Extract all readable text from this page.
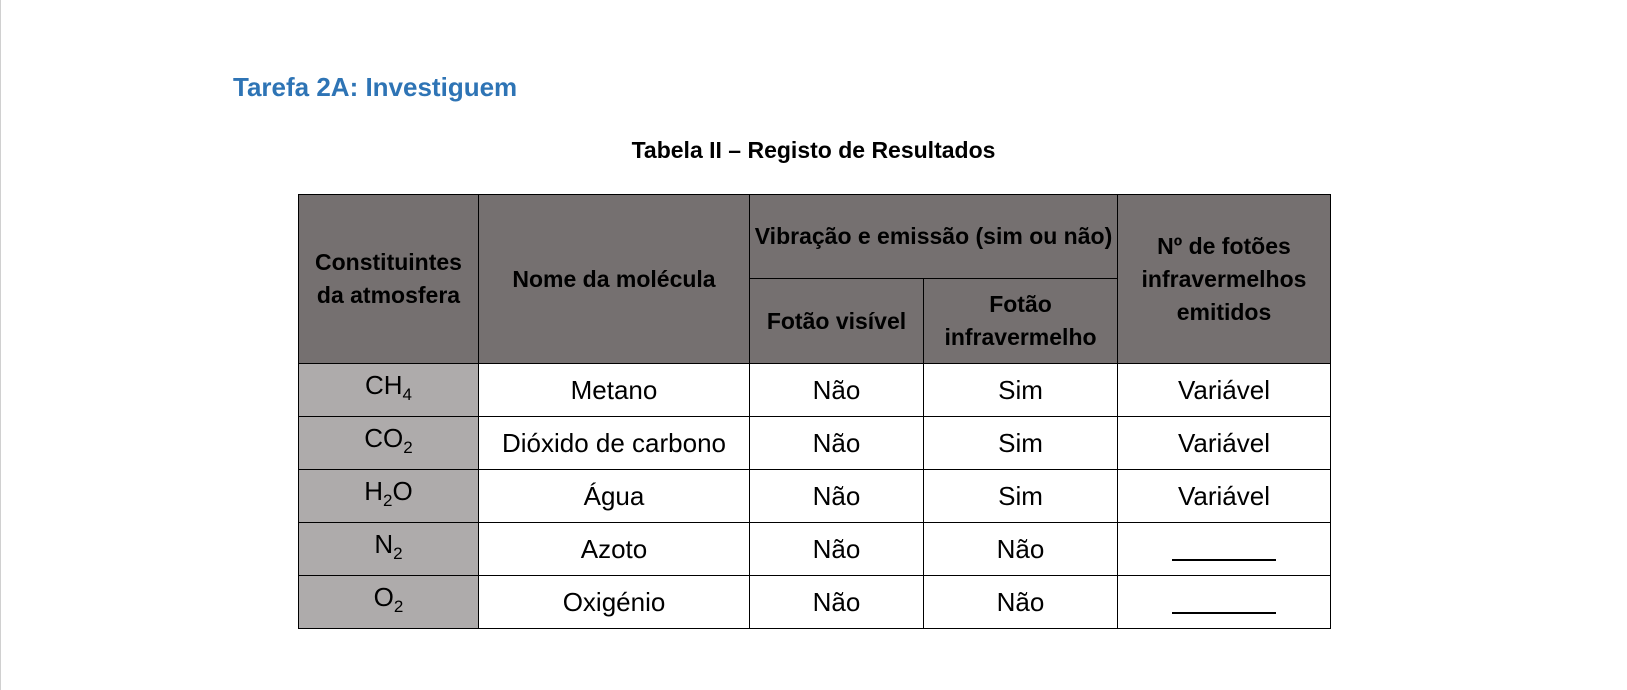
Tarefa 2A: Investiguem
Tabela II – Registo de Resultados
Constituintes da atmosfera	Nome da molécula	Vibração e emissão (sim ou não)		Nº de fotões infravermelhos emitidos
		Fotão visível	Fotão infravermelho	
$CH_4$	Metano	Não	Sim	Variável
$CO_2$	Dióxido de carbono	Não	Sim	Variável
$H_2O$	Água	Não	Sim	Variável
$N_2$	Azoto	Não	Não	
$O_2$	Oxigénio	Não	Não	
